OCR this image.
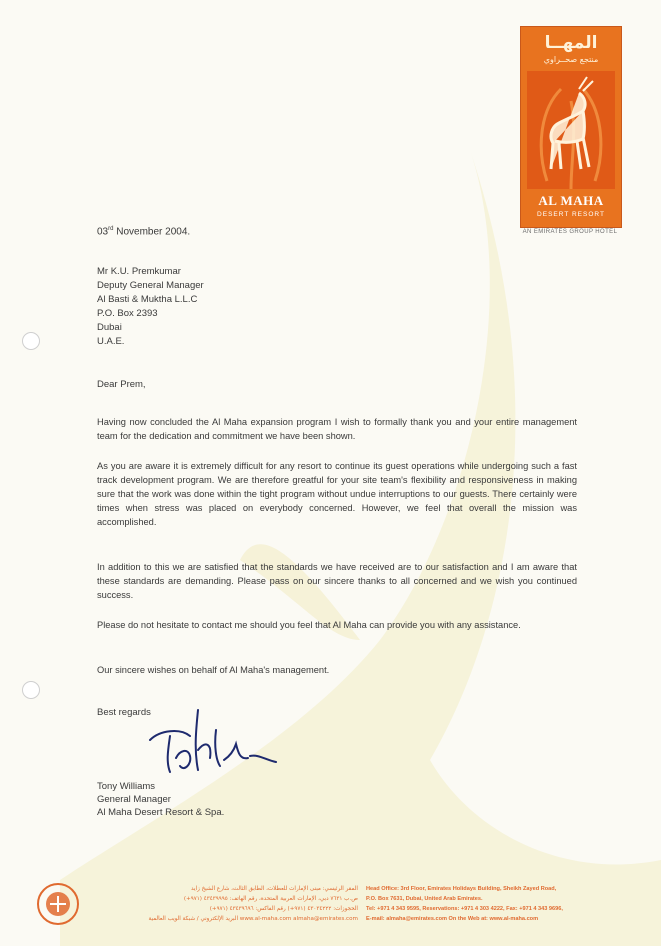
المهــا
منتجع صحــراوي
AL MAHA
DESERT RESORT
AN EMIRATES GROUP HOTEL
03rd November 2004.
Mr K.U. Premkumar
Deputy General Manager
Al Basti & Muktha L.L.C
P.O. Box 2393
Dubai
U.A.E.
Dear Prem,

Having now concluded the Al Maha expansion program I wish to formally thank you and your entire management team for the dedication and commitment we have been shown.

As you are aware it is extremely difficult for any resort to continue its guest operations while undergoing such a fast track development program. We are therefore greatful for your site team's flexibility and responsiveness in making sure that the work was done within the tight program without undue interruptions to our guests. There certainly were times when stress was placed on everybody concerned. However, we feel that overall the mission was accomplished.

In addition to this we are satisfied that the standards we have received are to our satisfaction and I am aware that these standards are demanding. Please pass on our sincere thanks to all concerned and we wish you continued success.

Please do not hesitate to contact me should you feel that Al Maha can provide you with any assistance.

Our sincere wishes on behalf of Al Maha's management.

Best regards
Tony Williams
General Manager
Al Maha Desert Resort & Spa.
المقر الرئيسي: مبنى الإمارات للعطلات، الطابق الثالث، شارع الشيخ زايد
ص.ب ٧٦٣١ دبي، الإمارات العربية المتحدة، رقم الهاتف: ٤٣٤٣٩٩٩٥ (٩٧١+)
الحجوزات: ٤٣٠٣٤٢٢٢ (٩٧١+) رقم الفاكس: ٤٣٤٣٩٦٩٦ (٩٧١+)
www.al-maha.com almaha@emirates.com البريد الإلكتروني / شبكة الويب العالمية
Head Office: 3rd Floor, Emirates Holidays Building, Sheikh Zayed Road,
P.O. Box 7631, Dubai, United Arab Emirates.
Tel: +971 4 343 9595, Reservations: +971 4 303 4222, Fax: +971 4 343 9696,
E-mail: almaha@emirates.com On the Web at: www.al-maha.com
